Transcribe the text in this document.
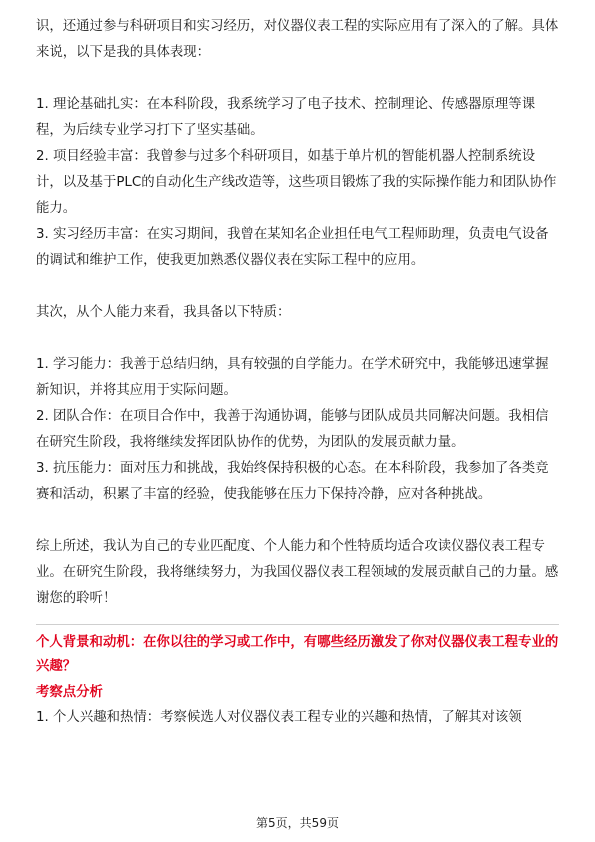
识，还通过参与科研项目和实习经历，对仪器仪表工程的实际应用有了深入的了解。具体来说，以下是我的具体表现：

1. 理论基础扎实：在本科阶段，我系统学习了电子技术、控制理论、传感器原理等课程，为后续专业学习打下了坚实基础。

2. 项目经验丰富：我曾参与过多个科研项目，如基于单片机的智能机器人控制系统设计，以及基于PLC的自动化生产线改造等，这些项目锻炼了我的实际操作能力和团队协作能力。

3. 实习经历丰富：在实习期间，我曾在某知名企业担任电气工程师助理，负责电气设备的调试和维护工作，使我更加熟悉仪器仪表在实际工程中的应用。

其次，从个人能力来看，我具备以下特质：

1. 学习能力：我善于总结归纳，具有较强的自学能力。在学术研究中，我能够迅速掌握新知识，并将其应用于实际问题。

2. 团队合作：在项目合作中，我善于沟通协调，能够与团队成员共同解决问题。我相信在研究生阶段，我将继续发挥团队协作的优势，为团队的发展贡献力量。

3. 抗压能力：面对压力和挑战，我始终保持积极的心态。在本科阶段，我参加了各类竞赛和活动，积累了丰富的经验，使我能够在压力下保持冷静，应对各种挑战。

综上所述，我认为自己的专业匹配度、个人能力和个性特质均适合攻读仪器仪表工程专业。在研究生阶段，我将继续努力，为我国仪器仪表工程领域的发展贡献自己的力量。感谢您的聆听！

个人背景和动机：在你以往的学习或工作中，有哪些经历激发了你对仪器仪表工程专业的兴趣？

考察点分析

1. 个人兴趣和热情：考察候选人对仪器仪表工程专业的兴趣和热情，了解其对该领

第5页，共59页
